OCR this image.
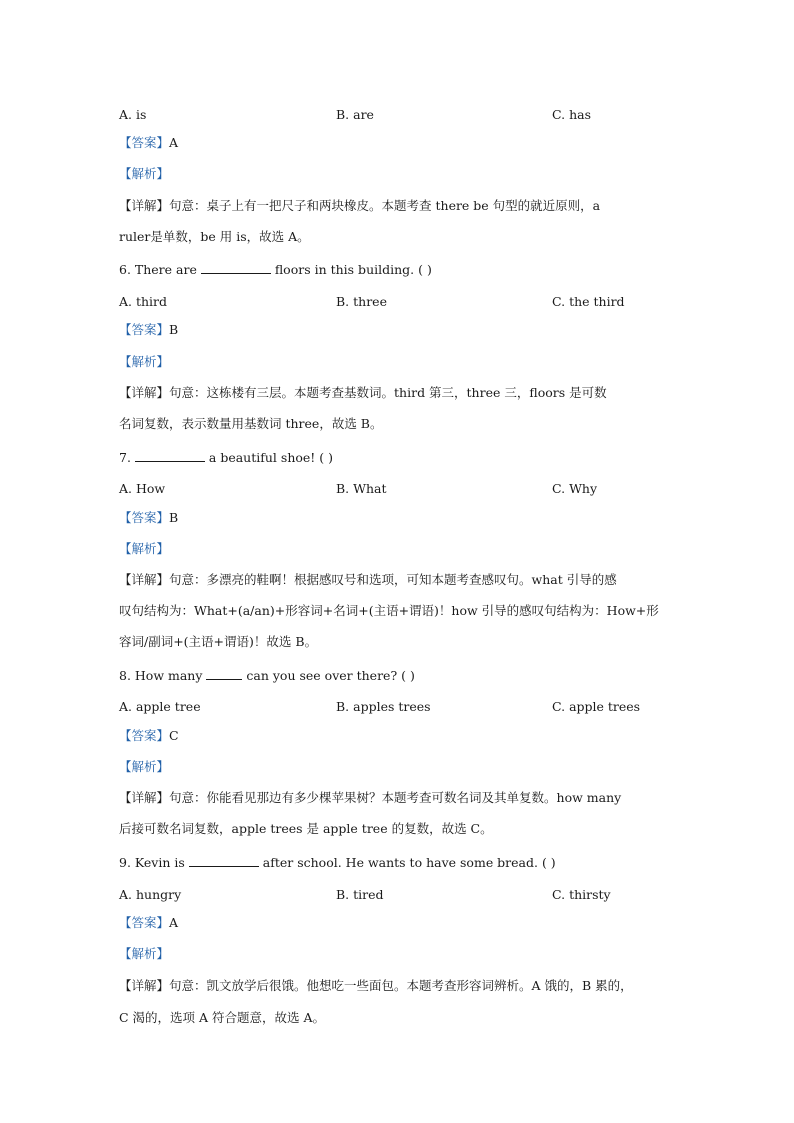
A. is	B. are	C. has
【答案】A
【解析】
【详解】句意：桌子上有一把尺子和两块橡皮。本题考查 there be 句型的就近原则，a
ruler是单数，be 用 is，故选 A。
6. There are	floors in this building. ( )
A. third	B. three	C. the third
【答案】B
【解析】
【详解】句意：这栋楼有三层。本题考查基数词。third 第三，three 三，floors 是可数
名词复数，表示数量用基数词 three，故选 B。
7.	a beautiful shoe! ( )
A. How	B. What	C. Why
【答案】B
【解析】
【详解】句意：多漂亮的鞋啊！根据感叹号和选项，可知本题考查感叹句。what 引导的感
叹句结构为：What+(a/an)+形容词+名词+(主语+谓语)！how 引导的感叹句结构为：How+形
容词/副词+(主语+谓语)！故选 B。
8. How many	can you see over there? ( )
A. apple tree	B. apples trees	C. apple trees
【答案】C
【解析】
【详解】句意：你能看见那边有多少棵苹果树？本题考查可数名词及其单复数。how many
后接可数名词复数，apple trees 是 apple tree 的复数，故选 C。
9. Kevin is	after school. He wants to have some bread. ( )
A. hungry	B. tired	C. thirsty
【答案】A
【解析】
【详解】句意：凯文放学后很饿。他想吃一些面包。本题考查形容词辨析。A 饿的，B 累的，
C 渴的，选项 A 符合题意，故选 A。
